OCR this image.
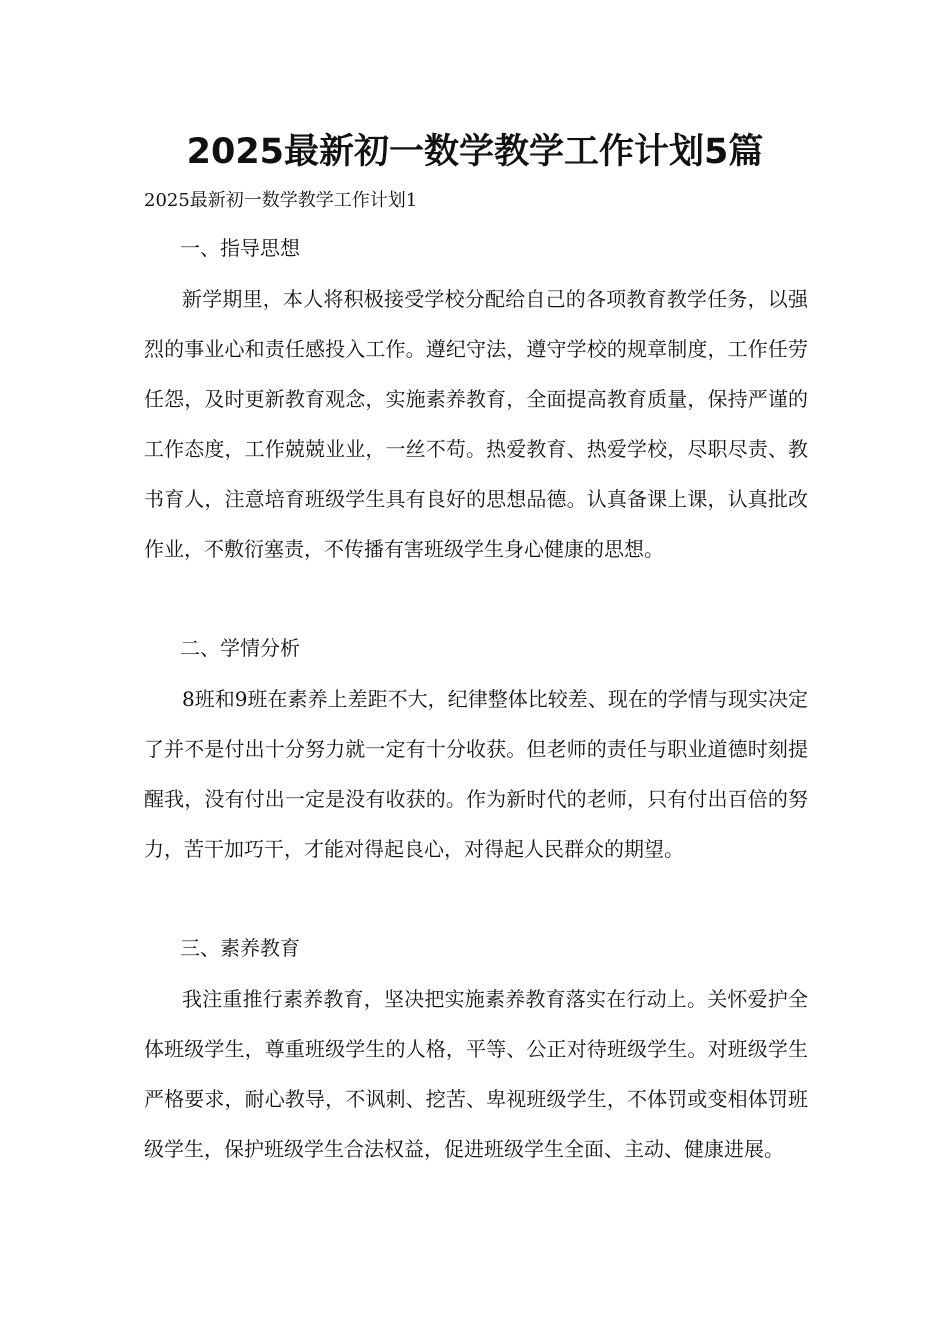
2025最新初一数学教学工作计划5篇

2025最新初一数学教学工作计划1

一、指导思想

新学期里，本人将积极接受学校分配给自己的各项教育教学任务，以强烈的事业心和责任感投入工作。遵纪守法，遵守学校的规章制度，工作任劳任怨，及时更新教育观念，实施素养教育，全面提高教育质量，保持严谨的工作态度，工作兢兢业业，一丝不苟。热爱教育、热爱学校，尽职尽责、教书育人，注意培育班级学生具有良好的思想品德。认真备课上课，认真批改作业，不敷衍塞责，不传播有害班级学生身心健康的思想。

二、学情分析

8班和9班在素养上差距不大，纪律整体比较差、现在的学情与现实决定了并不是付出十分努力就一定有十分收获。但老师的责任与职业道德时刻提醒我，没有付出一定是没有收获的。作为新时代的老师，只有付出百倍的努力，苦干加巧干，才能对得起良心，对得起人民群众的期望。

三、素养教育

我注重推行素养教育，坚决把实施素养教育落实在行动上。关怀爱护全体班级学生，尊重班级学生的人格，平等、公正对待班级学生。对班级学生严格要求，耐心教导，不讽刺、挖苦、卑视班级学生，不体罚或变相体罚班级学生，保护班级学生合法权益，促进班级学生全面、主动、健康进展。
